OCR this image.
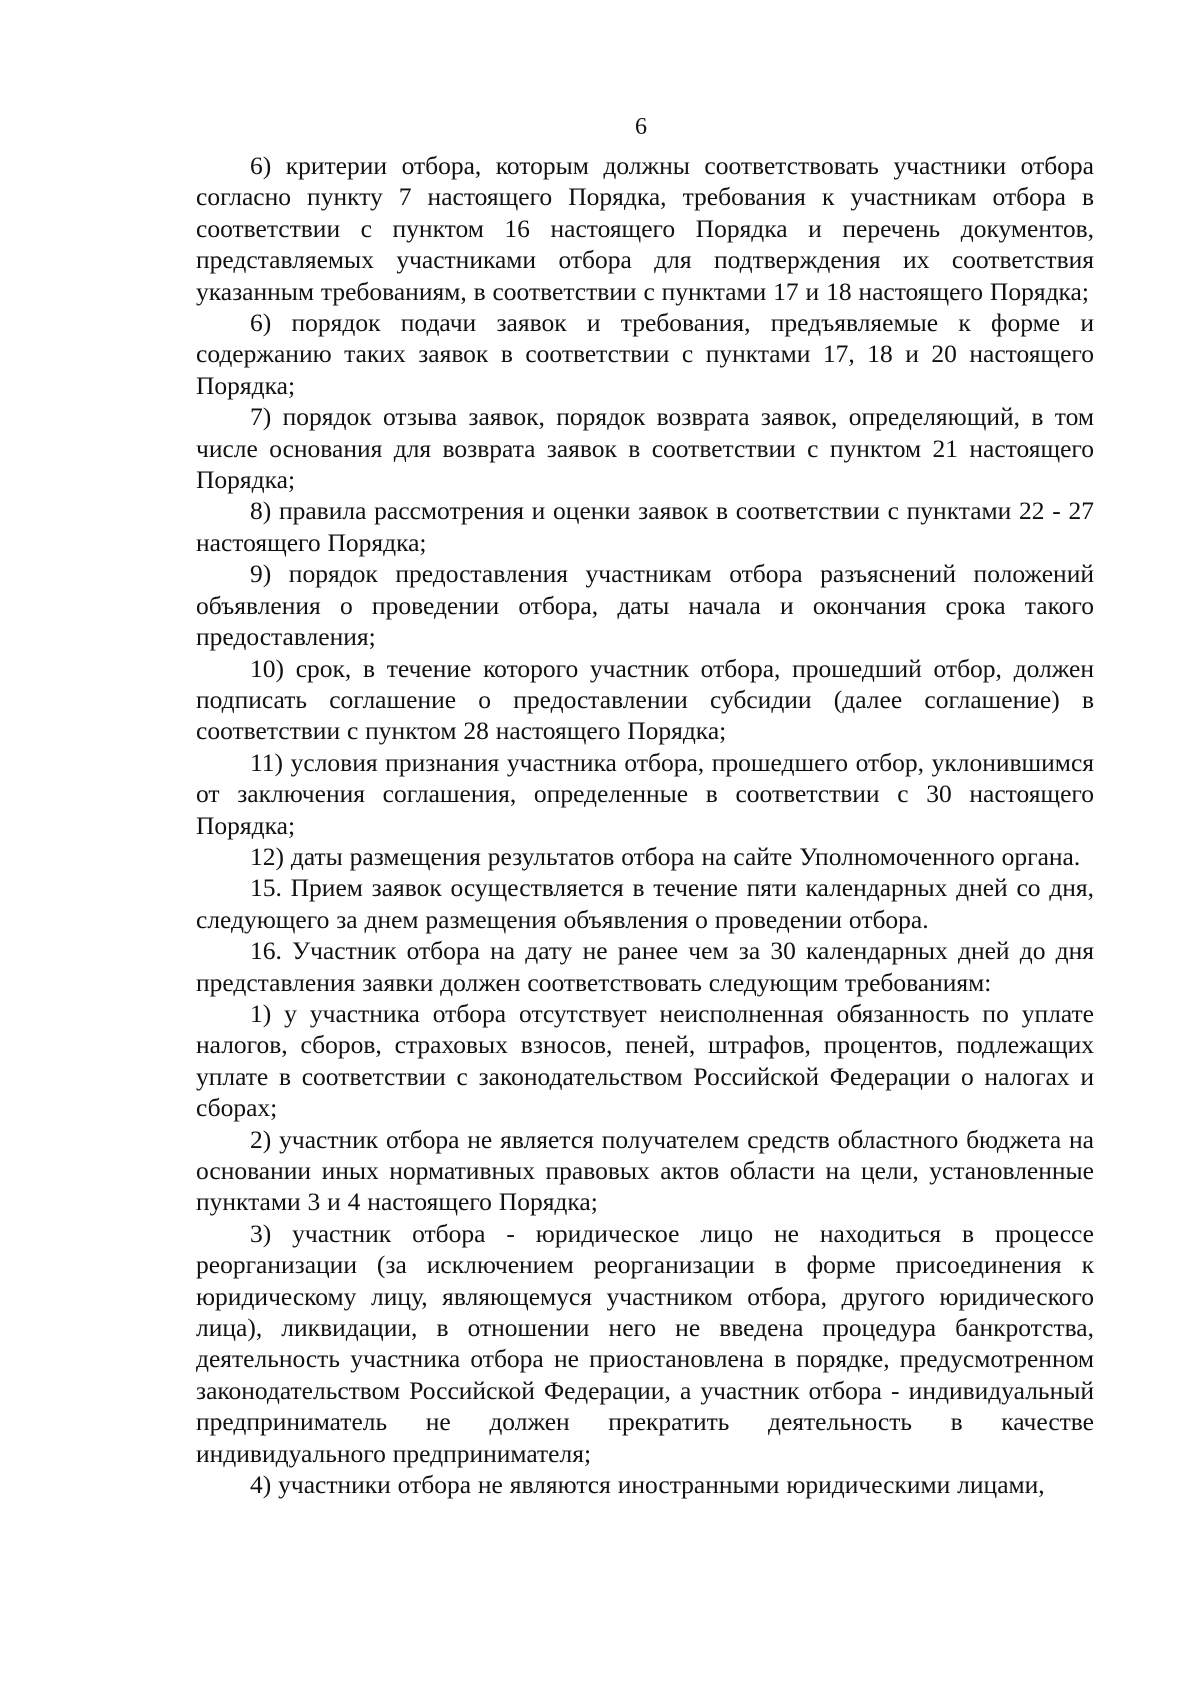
6

6) критерии отбора, которым должны соответствовать участники отбора согласно пункту 7 настоящего Порядка, требования к участникам отбора в соответствии с пунктом 16 настоящего Порядка и перечень документов, представляемых участниками отбора для подтверждения их соответствия указанным требованиям, в соответствии с пунктами 17 и 18 настоящего Порядка;

6) порядок подачи заявок и требования, предъявляемые к форме и содержанию таких заявок в соответствии с пунктами 17, 18 и 20 настоящего Порядка;

7) порядок отзыва заявок, порядок возврата заявок, определяющий, в том числе основания для возврата заявок в соответствии с пунктом 21 настоящего Порядка;

8) правила рассмотрения и оценки заявок в соответствии с пунктами 22 - 27 настоящего Порядка;

9) порядок предоставления участникам отбора разъяснений положений объявления о проведении отбора, даты начала и окончания срока такого предоставления;

10) срок, в течение которого участник отбора, прошедший отбор, должен подписать соглашение о предоставлении субсидии (далее соглашение) в соответствии с пунктом 28 настоящего Порядка;

11) условия признания участника отбора, прошедшего отбор, уклонившимся от заключения соглашения, определенные в соответствии с 30 настоящего Порядка;

12) даты размещения результатов отбора на сайте Уполномоченного органа.

15. Прием заявок осуществляется в течение пяти календарных дней со дня, следующего за днем размещения объявления о проведении отбора.

16. Участник отбора на дату не ранее чем за 30 календарных дней до дня представления заявки должен соответствовать следующим требованиям:

1) у участника отбора отсутствует неисполненная обязанность по уплате налогов, сборов, страховых взносов, пеней, штрафов, процентов, подлежащих уплате в соответствии с законодательством Российской Федерации о налогах и сборах;

2) участник отбора не является получателем средств областного бюджета на основании иных нормативных правовых актов области на цели, установленные пунктами 3 и 4 настоящего Порядка;

3) участник отбора - юридическое лицо не находиться в процессе реорганизации (за исключением реорганизации в форме присоединения к юридическому лицу, являющемуся участником отбора, другого юридического лица), ликвидации, в отношении него не введена процедура банкротства, деятельность участника отбора не приостановлена в порядке, предусмотренном законодательством Российской Федерации, а участник отбора - индивидуальный предприниматель не должен прекратить деятельность в качестве индивидуального предпринимателя;

4) участники отбора не являются иностранными юридическими лицами,
